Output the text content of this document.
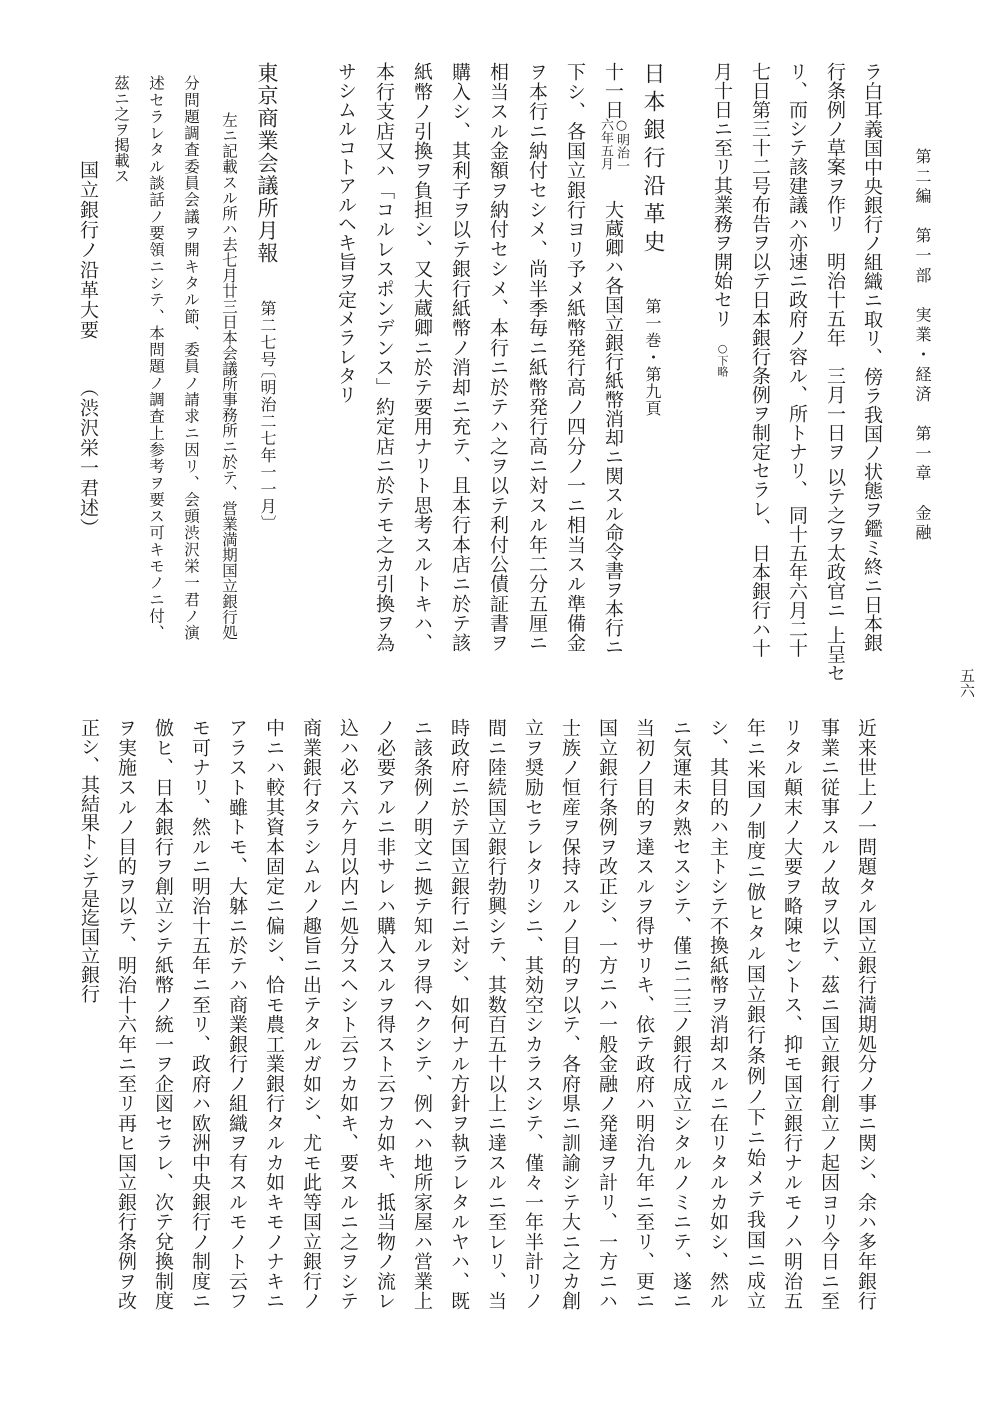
第二編　第一部　実業・経済　第一章　金融
五六
ラ白耳義国中央銀行ノ組織ニ取リ、傍ラ我国ノ状態ヲ鑑ミ終ニ日本銀
行条例ノ草案ヲ作リ　明治十五年　三月一日ヲ 以テ之ヲ太政官ニ 上呈セ
リ、而シテ該建議ハ亦速ニ政府ノ容ル、所トナリ、 同十五年六月二十
七日第三十二号布告ヲ以テ日本銀行条例ヲ制定セラレ、 日本銀行ハ十
月十日ニ至リ其業務ヲ開始セリ○下略
日本銀行沿革史
第一巻・第九頁
十一日
○明治一
六年五月
大蔵卿ハ各国立銀行紙幣消却ニ関スル命令書ヲ本行ニ
下シ、各国立銀行ヨリ予メ紙幣発行高ノ四分ノ一ニ相当スル準備金
ヲ本行ニ納付セシメ、尚半季毎ニ紙幣発行高ニ対スル年二分五厘ニ
相当スル金額ヲ納付セシメ、本行ニ於テハ之ヲ以テ利付公債証書ヲ
購入シ、其利子ヲ以テ銀行紙幣ノ消却ニ充テ、且本行本店ニ於テ該
紙幣ノ引換ヲ負担シ、又大蔵卿ニ於テ要用ナリト思考スルトキハ、
本行支店又ハ「コルレスポンデンス」約定店ニ於テモ之カ引換ヲ為
サシムルコトアルヘキ旨ヲ定メラレタリ
東京商業会議所月報
第二七号
〔明治二七年一一月〕
左ニ記載スル所ハ去七月廿三日本会議所事務所ニ於テ、営業満期国立銀行処
分問題調査委員会議ヲ開キタル節、委員ノ請求ニ因リ、会頭渋沢栄一君ノ演
述セラレタル談話ノ要領ニシテ、本問題ノ調査上参考ヲ要ス可キモノニ付、
茲ニ之ヲ掲載ス
国立銀行ノ沿革大要
（渋沢栄一君述）
近来世上ノ一問題タル国立銀行満期処分ノ事ニ関シ、余ハ多年銀行
事業ニ従事スルノ故ヲ以テ、茲ニ国立銀行創立ノ起因ヨリ今日ニ至
リタル顛末ノ大要ヲ略陳セントス、抑モ国立銀行ナルモノハ明治五
年ニ米国ノ制度ニ倣ヒタル国立銀行条例ノ下ニ始メテ我国ニ成立
シ、其目的ハ主トシテ不換紙幣ヲ消却スルニ在リタルカ如シ、然ル
ニ気運未タ熟セスシテ、僅ニ二三ノ銀行成立シタルノミニテ、遂ニ
当初ノ目的ヲ達スルヲ得サリキ、依テ政府ハ明治九年ニ至リ、更ニ
国立銀行条例ヲ改正シ、一方ニハ一般金融ノ発達ヲ計リ、一方ニハ
士族ノ恒産ヲ保持スルノ目的ヲ以テ、各府県ニ訓諭シテ大ニ之カ創
立ヲ奨励セラレタリシニ、其効空シカラスシテ、僅々一年半計リノ
間ニ陸続国立銀行勃興シテ、其数百五十以上ニ達スルニ至レリ、当
時政府ニ於テ国立銀行ニ対シ、如何ナル方針ヲ執ラレタルヤハ、既
ニ該条例ノ明文ニ拠テ知ルヲ得ヘクシテ、例ヘハ地所家屋ハ営業上
ノ必要アルニ非サレハ購入スルヲ得スト云フカ如キ、抵当物ノ流レ
込ハ必ス六ケ月以内ニ処分スヘシト云フカ如キ、要スルニ之ヲシテ
商業銀行タラシムルノ趣旨ニ出テタルガ如シ、尤モ此等国立銀行ノ
中ニハ較其資本固定ニ偏シ、恰モ農工業銀行タルカ如キモノナキニ
アラスト雖トモ、大躰ニ於テハ商業銀行ノ組織ヲ有スルモノト云フ
モ可ナリ、然ルニ明治十五年ニ至リ、政府ハ欧洲中央銀行ノ制度ニ
倣ヒ、日本銀行ヲ創立シテ紙幣ノ統一ヲ企図セラレ、次テ兌換制度
ヲ実施スルノ目的ヲ以テ、明治十六年ニ至リ再ヒ国立銀行条例ヲ改
正シ、其結果トシテ是迄国立銀行
